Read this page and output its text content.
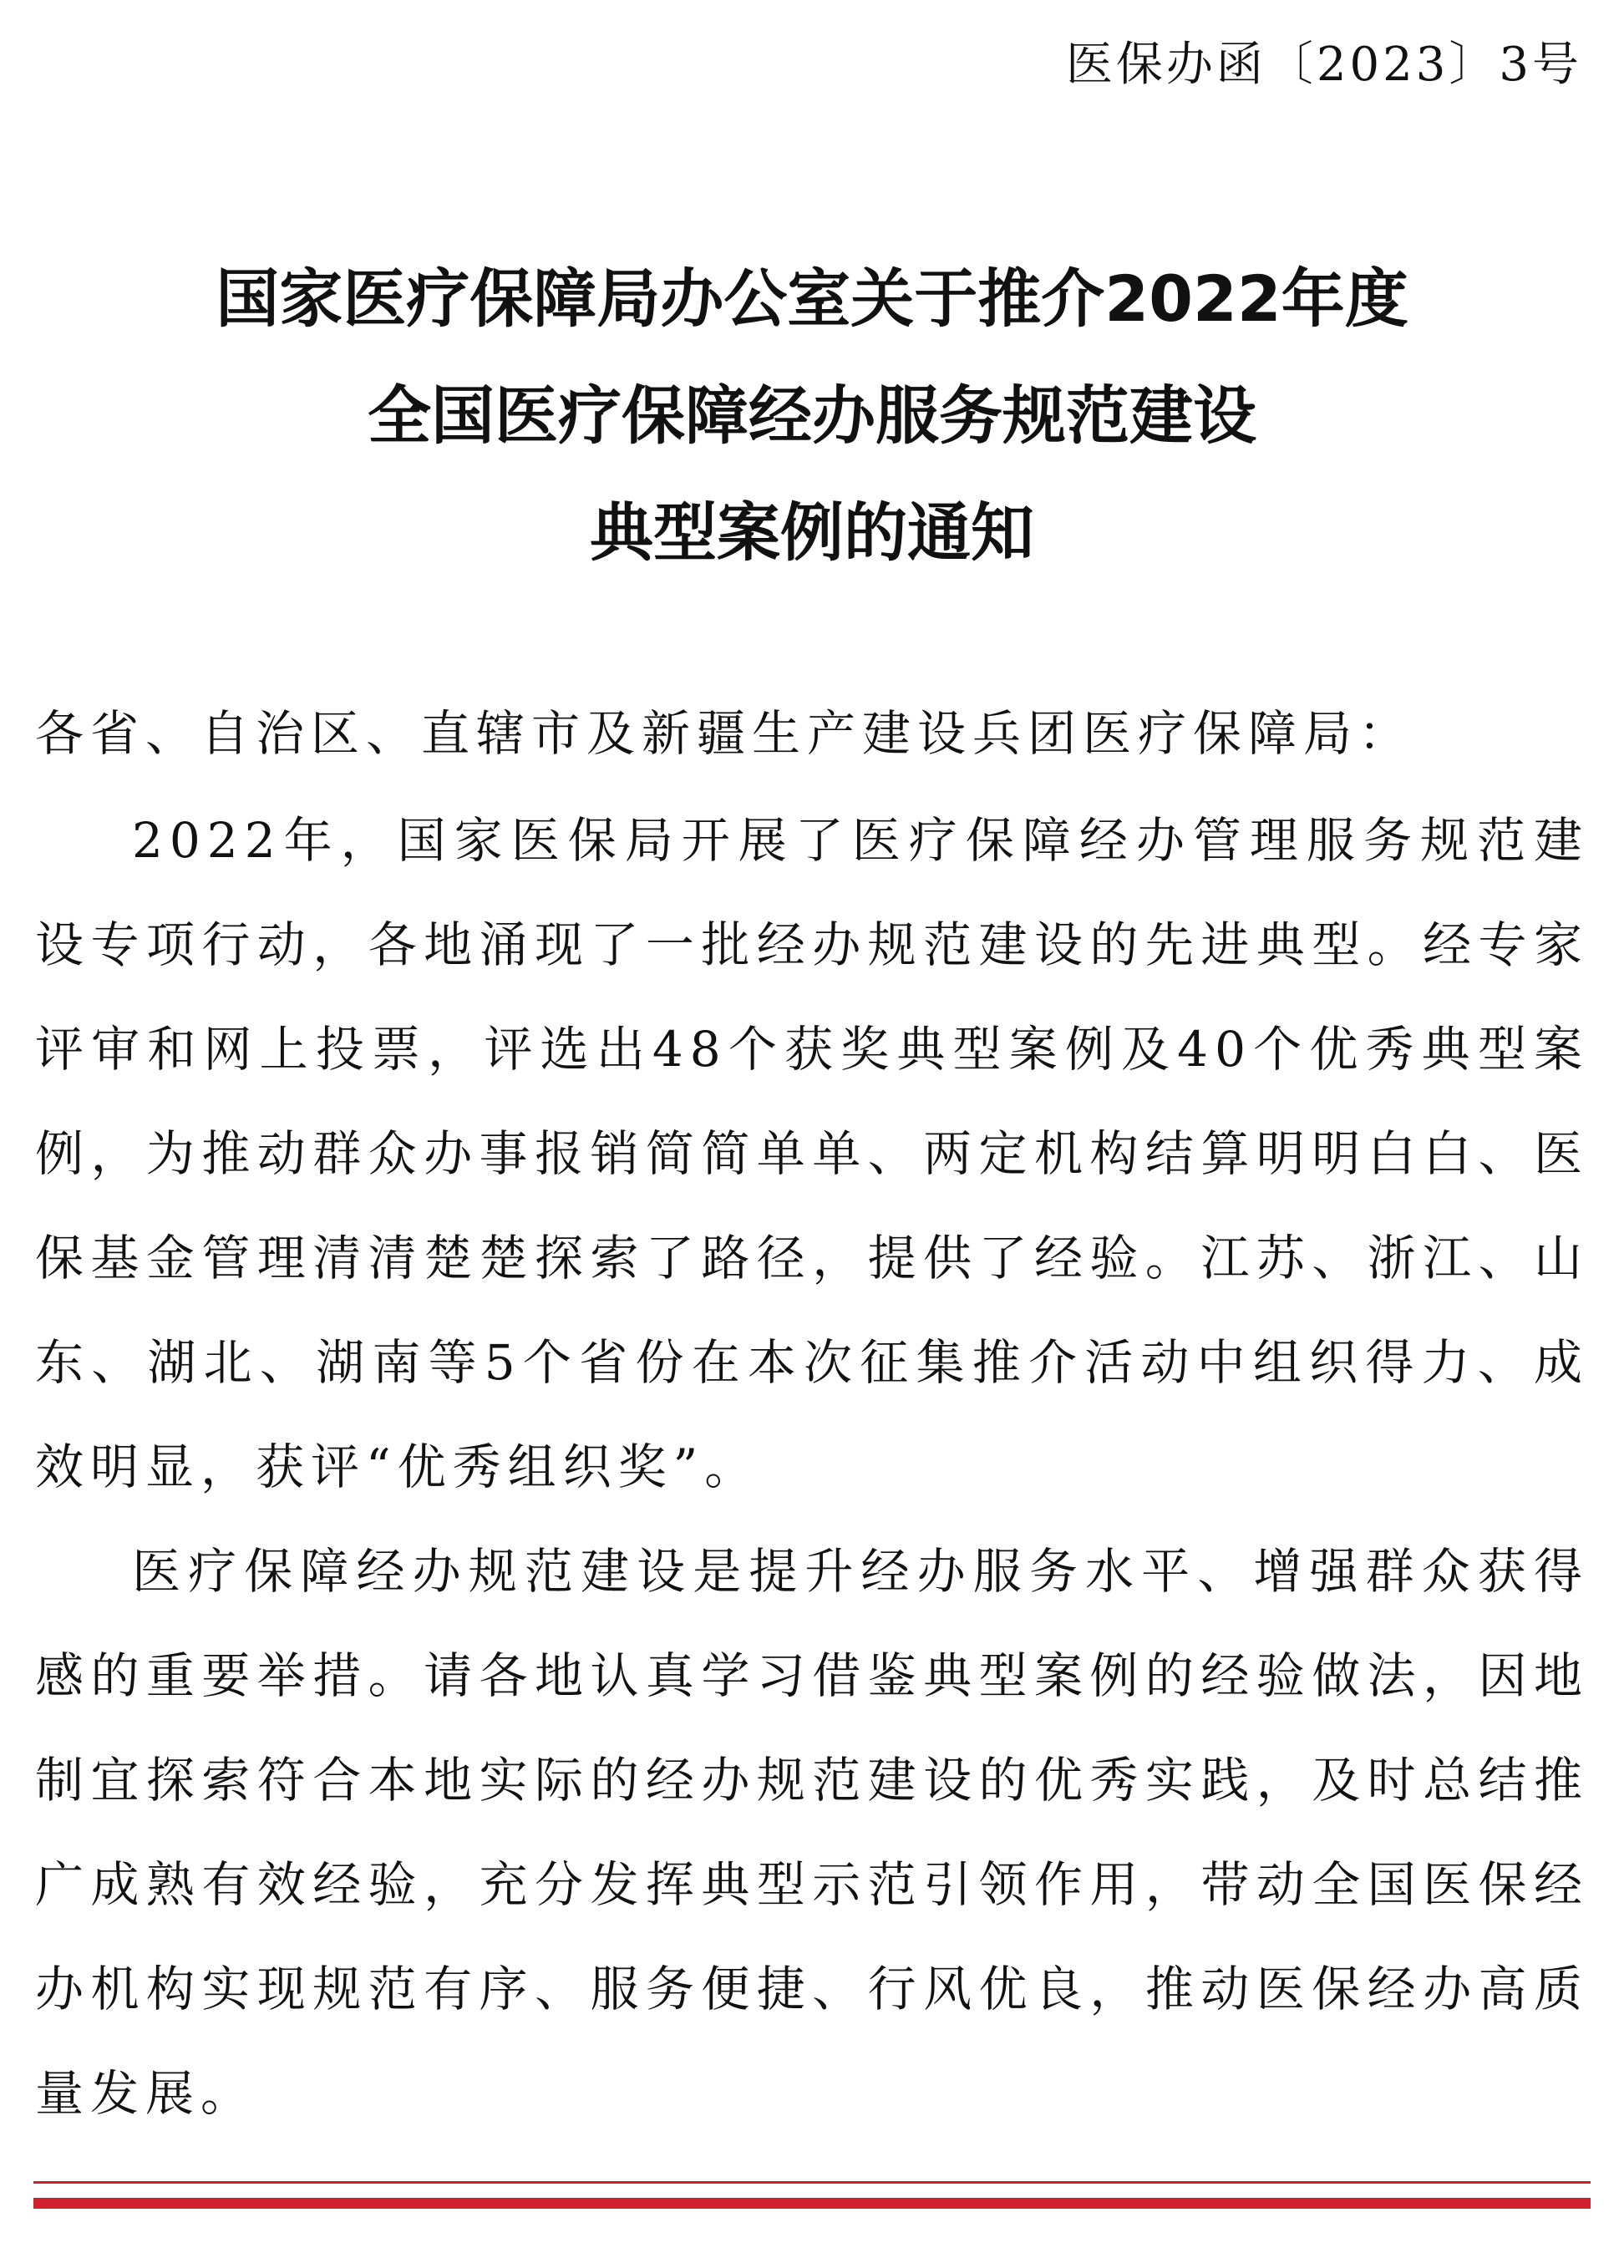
医保办函〔2023〕3号
国家医疗保障局办公室关于推介2022年度
全国医疗保障经办服务规范建设
典型案例的通知
各省、自治区、直辖市及新疆生产建设兵团医疗保障局：

2022年，国家医保局开展了医疗保障经办管理服务规范建设专项行动，各地涌现了一批经办规范建设的先进典型。经专家评审和网上投票，评选出48个获奖典型案例及40个优秀典型案例，为推动群众办事报销简简单单、两定机构结算明明白白、医保基金管理清清楚楚探索了路径，提供了经验。江苏、浙江、山东、湖北、湖南等5个省份在本次征集推介活动中组织得力、成效明显，获评“优秀组织奖”。

医疗保障经办规范建设是提升经办服务水平、增强群众获得感的重要举措。请各地认真学习借鉴典型案例的经验做法，因地制宜探索符合本地实际的经办规范建设的优秀实践，及时总结推广成熟有效经验，充分发挥典型示范引领作用，带动全国医保经办机构实现规范有序、服务便捷、行风优良，推动医保经办高质量发展。
